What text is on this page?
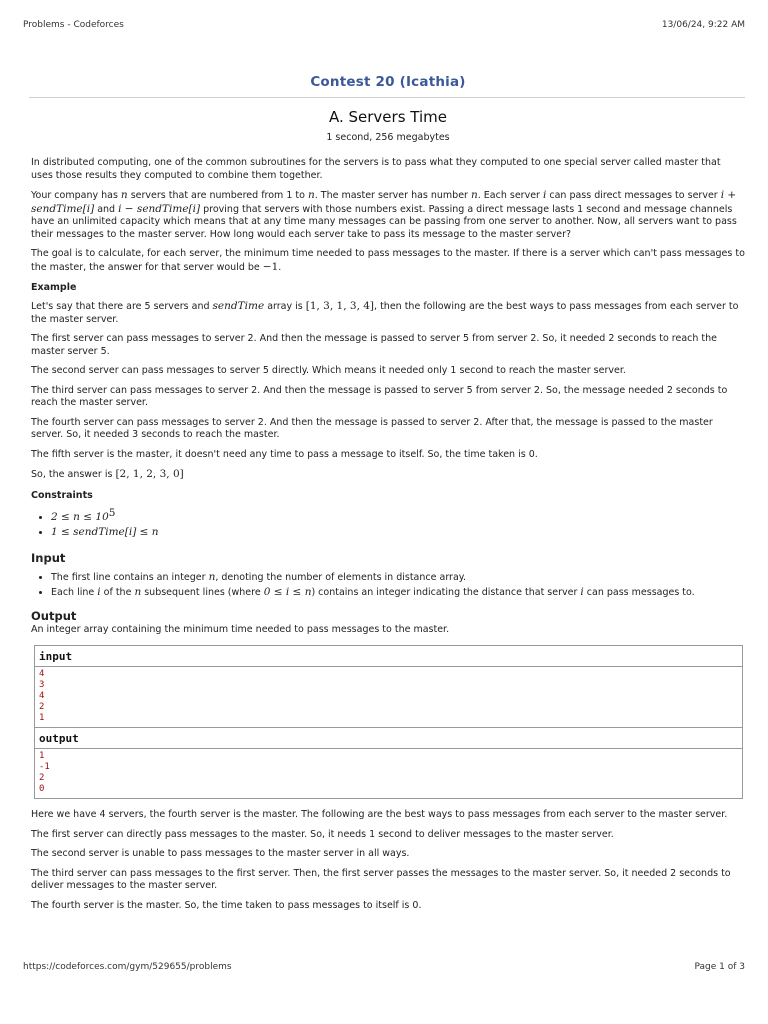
Problems - Codeforces	13/06/24, 9:22 AM
Contest 20 (Icathia)
A. Servers Time
1 second, 256 megabytes

In distributed computing, one of the common subroutines for the servers is to pass what they computed to one special server called master that uses those results they computed to combine them together.

Your company has n servers that are numbered from 1 to n. The master server has number n. Each server i can pass direct messages to server i + sendTime[i] and i − sendTime[i] proving that servers with those numbers exist. Passing a direct message lasts 1 second and message channels have an unlimited capacity which means that at any time many messages can be passing from one server to another. Now, all servers want to pass their messages to the master server. How long would each server take to pass its message to the master server?

The goal is to calculate, for each server, the minimum time needed to pass messages to the master. If there is a server which can't pass messages to the master, the answer for that server would be −1.

Example

Let's say that there are 5 servers and sendTime array is [1, 3, 1, 3, 4], then the following are the best ways to pass messages from each server to the master server.

The first server can pass messages to server 2. And then the message is passed to server 5 from server 2. So, it needed 2 seconds to reach the master server 5.

The second server can pass messages to server 5 directly. Which means it needed only 1 second to reach the master server.

The third server can pass messages to server 2. And then the message is passed to server 5 from server 2. So, the message needed 2 seconds to reach the master server.

The fourth server can pass messages to server 2. And then the message is passed to server 2. After that, the message is passed to the master server. So, it needed 3 seconds to reach the master.

The fifth server is the master, it doesn't need any time to pass a message to itself. So, the time taken is 0.

So, the answer is [2, 1, 2, 3, 0]

Constraints
• $2 \le n \le 10^5$
• 1 ≤ sendTime[i] ≤ n
Input
• The first line contains an integer n, denoting the number of elements in distance array.
• Each line i of the n subsequent lines (where 0 ≤ i ≤ n) contains an integer indicating the distance that server i can pass messages to.
Output

An integer array containing the minimum time needed to pass messages to the master.

input
4
3
4
2
1
output
1
-1
2
0

Here we have 4 servers, the fourth server is the master. The following are the best ways to pass messages from each server to the master server.

The first server can directly pass messages to the master. So, it needs 1 second to deliver messages to the master server.

The second server is unable to pass messages to the master server in all ways.

The third server can pass messages to the first server. Then, the first server passes the messages to the master server. So, it needed 2 seconds to deliver messages to the master server.

The fourth server is the master. So, the time taken to pass messages to itself is 0.

https://codeforces.com/gym/529655/problems	Page 1 of 3
